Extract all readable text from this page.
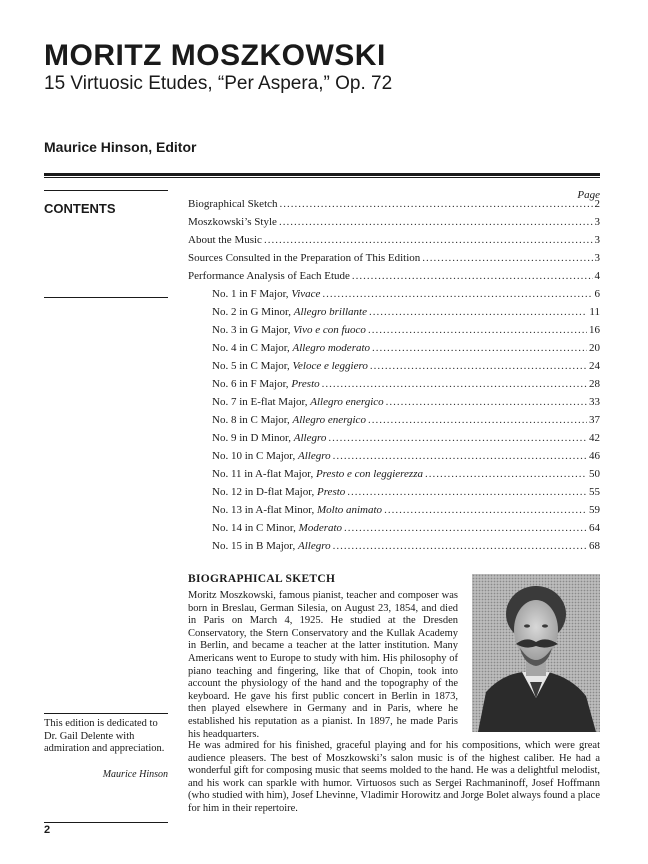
MORITZ MOSZKOWSKI
15 Virtuosic Etudes, “Per Aspera,” Op. 72
Maurice Hinson, Editor
CONTENTS
Page
Biographical Sketch .....	2
Moszkowski’s Style .....	3
About the Music .....	3
Sources Consulted in the Preparation of This Edition .....	3
Performance Analysis of Each Etude .....	4
No. 1 in F Major, Vivace .....	6
No. 2 in G Minor, Allegro brillante .....	11
No. 3 in G Major, Vivo e con fuoco .....	16
No. 4 in C Major, Allegro moderato .....	20
No. 5 in C Major, Veloce e leggiero .....	24
No. 6 in F Major, Presto .....	28
No. 7 in E-flat Major, Allegro energico .....	33
No. 8 in C Major, Allegro energico .....	37
No. 9 in D Minor, Allegro .....	42
No. 10 in C Major, Allegro .....	46
No. 11 in A-flat Major, Presto e con leggierezza .....	50
No. 12 in D-flat Major, Presto .....	55
No. 13 in A-flat Minor, Molto animato .....	59
No. 14 in C Minor, Moderato .....	64
No. 15 in B Major, Allegro .....	68
BIOGRAPHICAL SKETCH
Moritz Moszkowski, famous pianist, teacher and composer was born in Breslau, German Silesia, on August 23, 1854, and died in Paris on March 4, 1925. He studied at the Dresden Conservatory, the Stern Conservatory and the Kullak Academy in Berlin, and became a teacher at the latter institution. Many Americans went to Europe to study with him. His philosophy of piano teaching and fingering, like that of Chopin, took into account the physiology of the hand and the topography of the keyboard. He gave his first public concert in Berlin in 1873, then played elsewhere in Germany and in Paris, where he established his reputation as a pianist. In 1897, he made Paris his headquarters.
He was admired for his finished, graceful playing and for his compositions, which were great audience pleasers. The best of Moszkowski’s salon music is of the highest caliber. He had a wonderful gift for composing music that seems molded to the hand. He was a delightful melodist, and his work can sparkle with humor. Virtuosos such as Sergei Rachmaninoff, Josef Hoffmann (who studied with him), Josef Lhevinne, Vladimir Horowitz and Jorge Bolet always found a place for him in their repertoire.
This edition is dedicated to Dr. Gail Delente with admiration and appreciation.
Maurice Hinson
2
